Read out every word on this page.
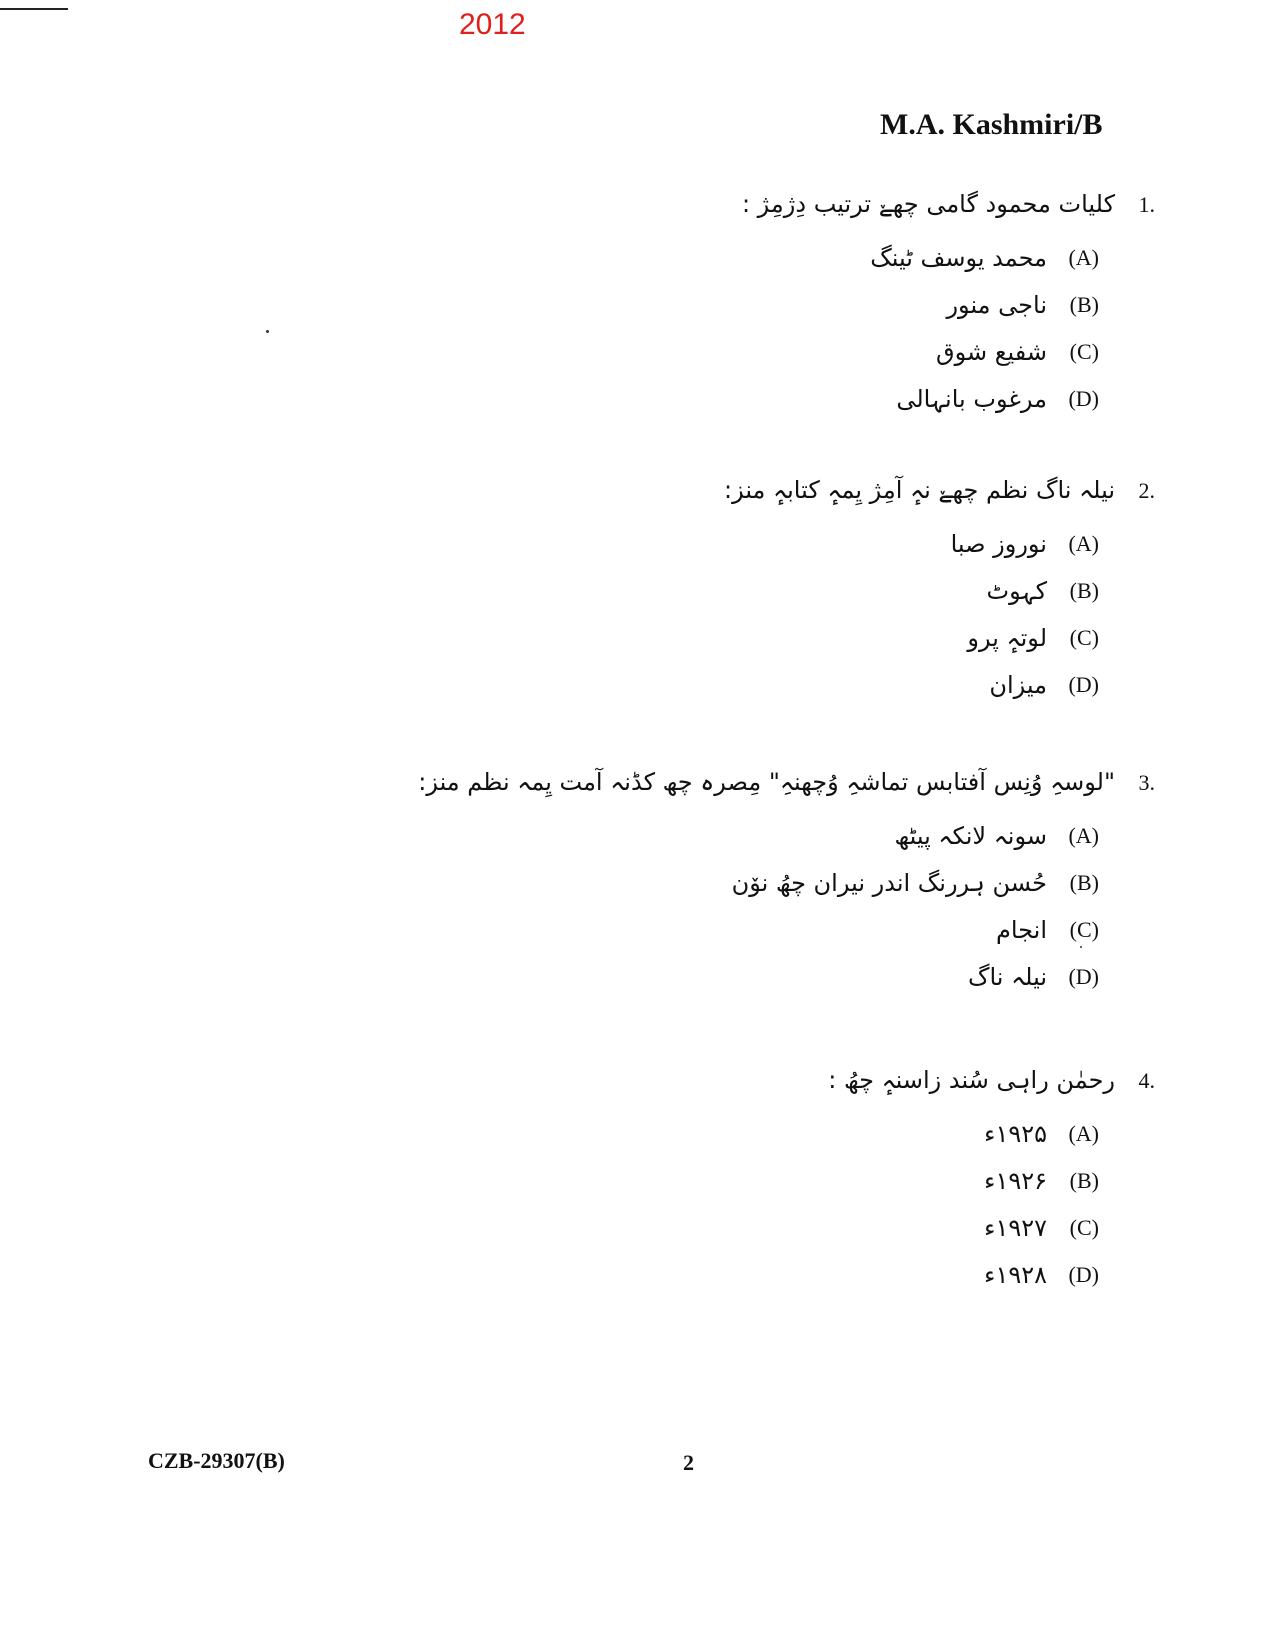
2012
M.A. Kashmiri/B
1.
کلیات محمود گامی چھےٚ ترتیب دِژمِژ :
(A)
محمد یوسف ٹینگ
(B)
ناجی منور
(C)
شفیع شوق
(D)
مرغوب بانہالی
2.
نیلہ ناگ نظم چھےٚ نہٕ آمِژ یِمہٕ کتابہٕ منز:
(A)
نوروز صبا
(B)
کہوٹ
(C)
لوتہٕ پرو
(D)
میزان
3.
"لوسہِ وُنِس آفتابس تماشہِ وُچھنہِ" مِصرہ چھ کڈنہ آمت یِمہ نظم منز:
(A)
سونہ لانکہ پیٹھ
(B)
حُسن ہررنگ اندر نیران چھُ نوٚن
(C)
انجام
(D)
نیلہ ناگ
4.
رحمٰن راہی سُند زاسنہٕ چھُ :
(A)
۱۹۲۵ء
(B)
۱۹۲۶ء
(C)
۱۹۲۷ء
(D)
۱۹۲۸ء
CZB-29307(B)	2
